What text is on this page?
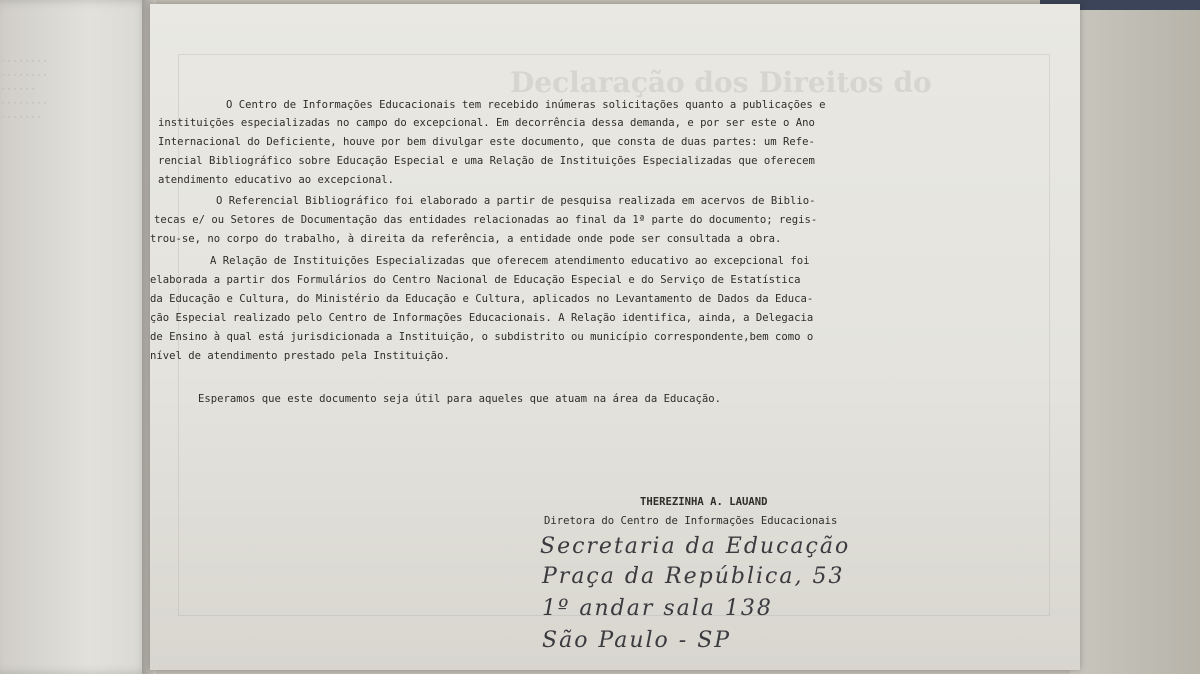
········
········
······
········
·······
Declaração dos Direitos do
O Centro de Informações Educacionais tem recebido inúmeras solicitações quanto a publicações e
instituições especializadas no campo do excepcional. Em decorrência dessa demanda, e por ser este o Ano
Internacional do Deficiente, houve por bem divulgar este documento, que consta de duas partes: um Refe-
rencial Bibliográfico sobre Educação Especial e uma Relação de Instituições Especializadas que oferecem
atendimento educativo ao excepcional.
O Referencial Bibliográfico foi elaborado a partir de pesquisa realizada em acervos de Biblio-
tecas e/ ou Setores de Documentação das entidades relacionadas ao final da 1ª parte do documento; regis-
trou-se, no corpo do trabalho, à direita da referência, a entidade onde pode ser consultada a obra.
A Relação de Instituições Especializadas que oferecem atendimento educativo ao excepcional foi
elaborada a partir dos Formulários do Centro Nacional de Educação Especial e do Serviço de Estatística
da Educação e Cultura, do Ministério da Educação e Cultura, aplicados no Levantamento de Dados da Educa-
ção Especial realizado pelo Centro de Informações Educacionais. A Relação identifica, ainda, a Delegacia
de Ensino à qual está jurisdicionada a Instituição, o subdistrito ou município correspondente,bem como o
nível de atendimento prestado pela Instituição.
Esperamos que este documento seja útil para aqueles que atuam na área da Educação.
THEREZINHA A. LAUAND
Diretora do Centro de Informações Educacionais
Secretaria da Educação
Praça da República, 53
1º andar sala 138
São Paulo - SP
